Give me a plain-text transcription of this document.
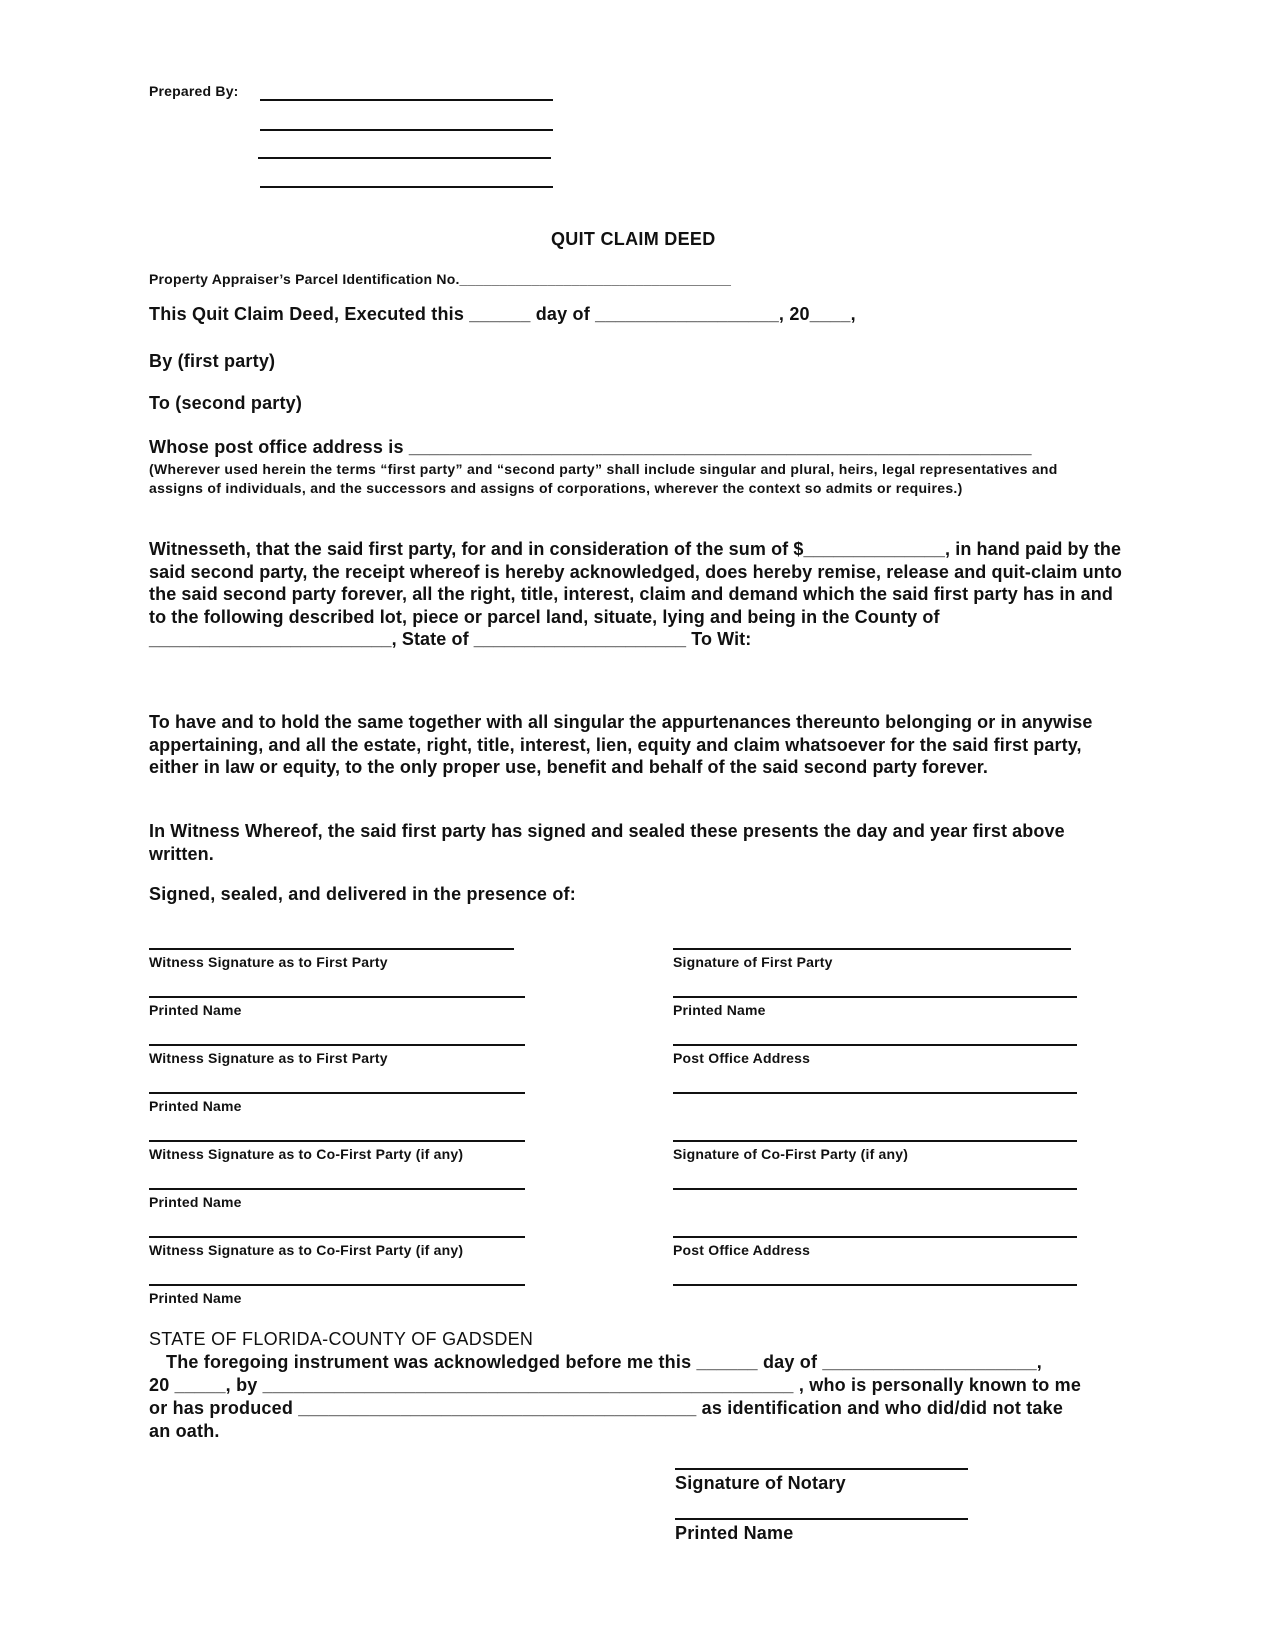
Prepared By:
QUIT CLAIM DEED
Property Appraiser’s Parcel Identification No.__________________________________
This Quit Claim Deed, Executed this ______ day of __________________, 20____,
By (first party)
To (second party)
Whose post office address is _____________________________________________________________
(Wherever used herein the terms “first party” and “second party” shall include singular and plural, heirs, legal representatives and assigns of individuals, and the successors and assigns of corporations, wherever the context so admits or requires.)
Witnesseth, that the said first party, for and in consideration of the sum of $______________, in hand paid by the said second party, the receipt whereof is hereby acknowledged, does hereby remise, release and quit-claim unto the said second party forever, all the right, title, interest, claim and demand which the said first party has in and to the following described lot, piece or parcel land, situate, lying and being in the County of ________________________, State of _____________________ To Wit:
To have and to hold the same together with all singular the appurtenances thereunto belonging or in anywise appertaining, and all the estate, right, title, interest, lien, equity and claim whatsoever for the said first party, either in law or equity, to the only proper use, benefit and behalf of the said second party forever.
In Witness Whereof, the said first party has signed and sealed these presents the day and year first above written.
Signed, sealed, and delivered in the presence of:
Witness Signature as to First Party
Printed Name
Witness Signature as to First Party
Printed Name
Witness Signature as to Co-First Party (if any)
Printed Name
Witness Signature as to Co-First Party (if any)
Printed Name
Signature of First Party
Printed Name
Post Office Address
Signature of Co-First Party (if any)
Post Office Address
STATE OF FLORIDA-COUNTY OF GADSDEN
The foregoing instrument was acknowledged before me this ______ day of _____________________,
20 _____, by ____________________________________________________ , who is personally known to me
or has produced _______________________________________ as identification and who did/did not take
an oath.
Signature of Notary
Printed Name
